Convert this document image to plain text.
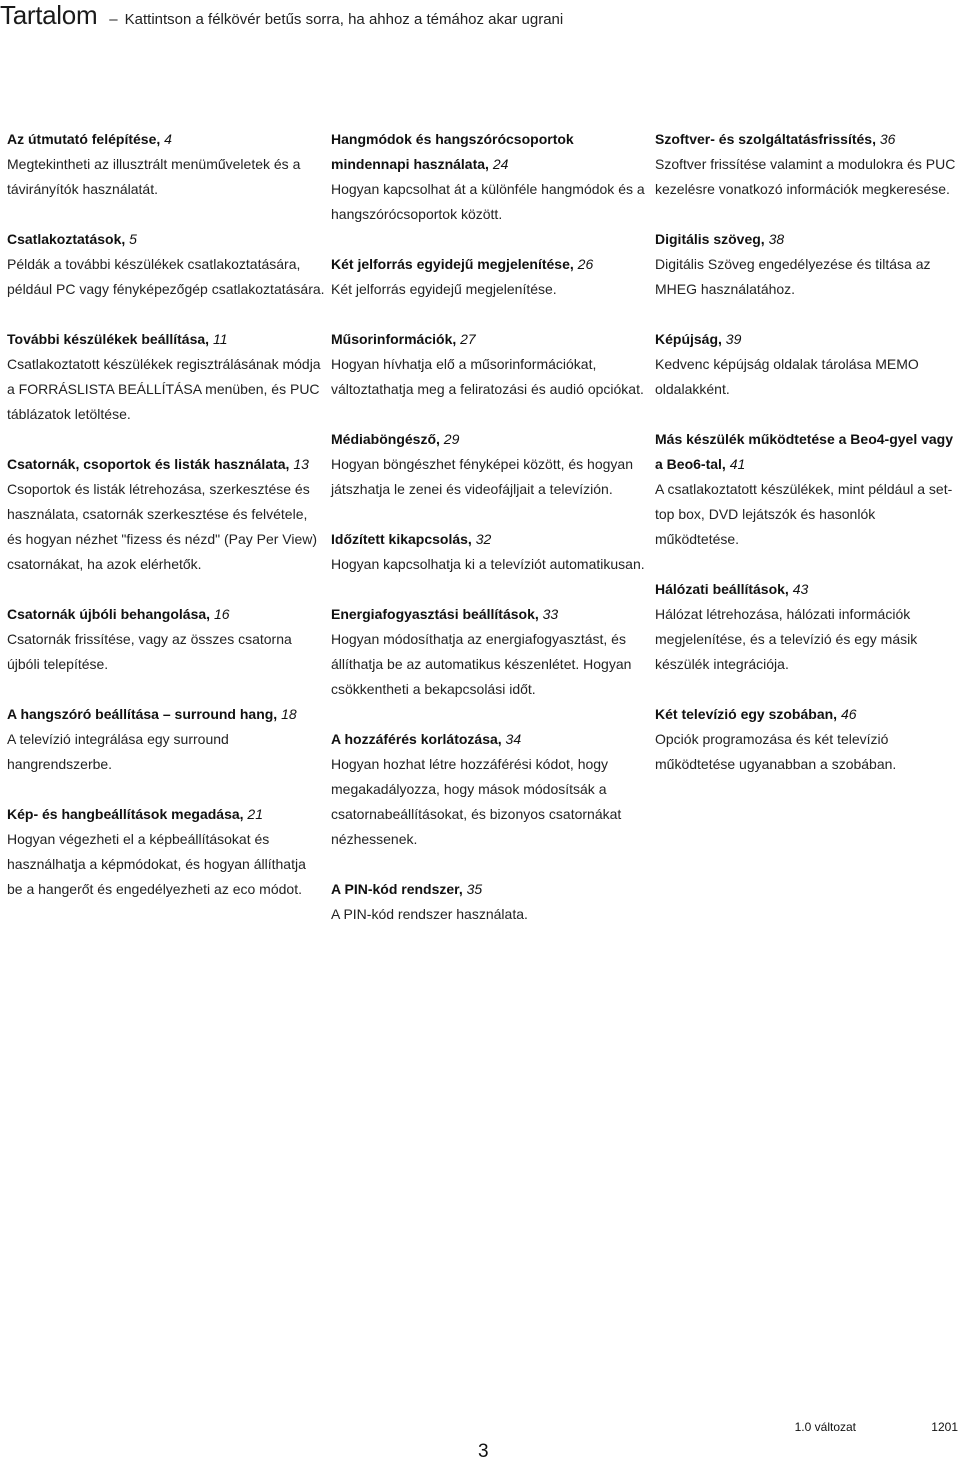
Tartalom – Kattintson a félkövér betűs sorra, ha ahhoz a témához akar ugrani
Az útmutató felépítése, 4
Megtekintheti az illusztrált menüműveletek és a távirányítók használatát.
Csatlakoztatások, 5
Példák a további készülékek csatlakoztatására, például PC vagy fényképezőgép csatlakoztatására.
További készülékek beállítása, 11
Csatlakoztatott készülékek regisztrálásának módja a FORRÁSLISTA BEÁLLÍTÁSA menüben, és PUC táblázatok letöltése.
Csatornák, csoportok és listák használata, 13
Csoportok és listák létrehozása, szerkesztése és használata, csatornák szerkesztése és felvétele, és hogyan nézhet "fizess és nézd" (Pay Per View) csatornákat, ha azok elérhetők.
Csatornák újbóli behangolása, 16
Csatornák frissítése, vagy az összes csatorna újbóli telepítése.
A hangszóró beállítása – surround hang, 18
A televízió integrálása egy surround hangrendszerbe.
Kép- és hangbeállítások megadása, 21
Hogyan végezheti el a képbeállításokat és használhatja a képmódokat, és hogyan állíthatja be a hangerőt és engedélyezheti az eco módot.
Hangmódok és hangszórócsoportok mindennapi használata, 24
Hogyan kapcsolhat át a különféle hangmódok és a hangszórócsoportok között.
Két jelforrás egyidejű megjelenítése, 26
Két jelforrás egyidejű megjelenítése.
Műsorinformációk, 27
Hogyan hívhatja elő a műsorinformációkat, változtathatja meg a feliratozási és audió opciókat.
Médiaböngésző, 29
Hogyan böngészhet fényképei között, és hogyan játszhatja le zenei és videofájljait a televízión.
Időzített kikapcsolás, 32
Hogyan kapcsolhatja ki a televíziót automatikusan.
Energiafogyasztási beállítások, 33
Hogyan módosíthatja az energiafogyasztást, és állíthatja be az automatikus készenlétet. Hogyan csökkentheti a bekapcsolási időt.
A hozzáférés korlátozása, 34
Hogyan hozhat létre hozzáférési kódot, hogy megakadályozza, hogy mások módosítsák a csatornabeállításokat, és bizonyos csatornákat nézhessenek.
A PIN-kód rendszer, 35
A PIN-kód rendszer használata.
Szoftver- és szolgáltatásfrissítés, 36
Szoftver frissítése valamint a modulokra és PUC kezelésre vonatkozó információk megkeresése.
Digitális szöveg, 38
Digitális Szöveg engedélyezése és tiltása az MHEG használatához.
Képújság, 39
Kedvenc képújság oldalak tárolása MEMO oldalakként.
Más készülék működtetése a Beo4-gyel vagy a Beo6-tal, 41
A csatlakoztatott készülékek, mint például a set-top box, DVD lejátszók és hasonlók működtetése.
Hálózati beállítások, 43
Hálózat létrehozása, hálózati információk megjelenítése, és a televízió és egy másik készülék integrációja.
Két televízió egy szobában, 46
Opciók programozása és két televízió működtetése ugyanabban a szobában.
1.0 változat	1201
3
